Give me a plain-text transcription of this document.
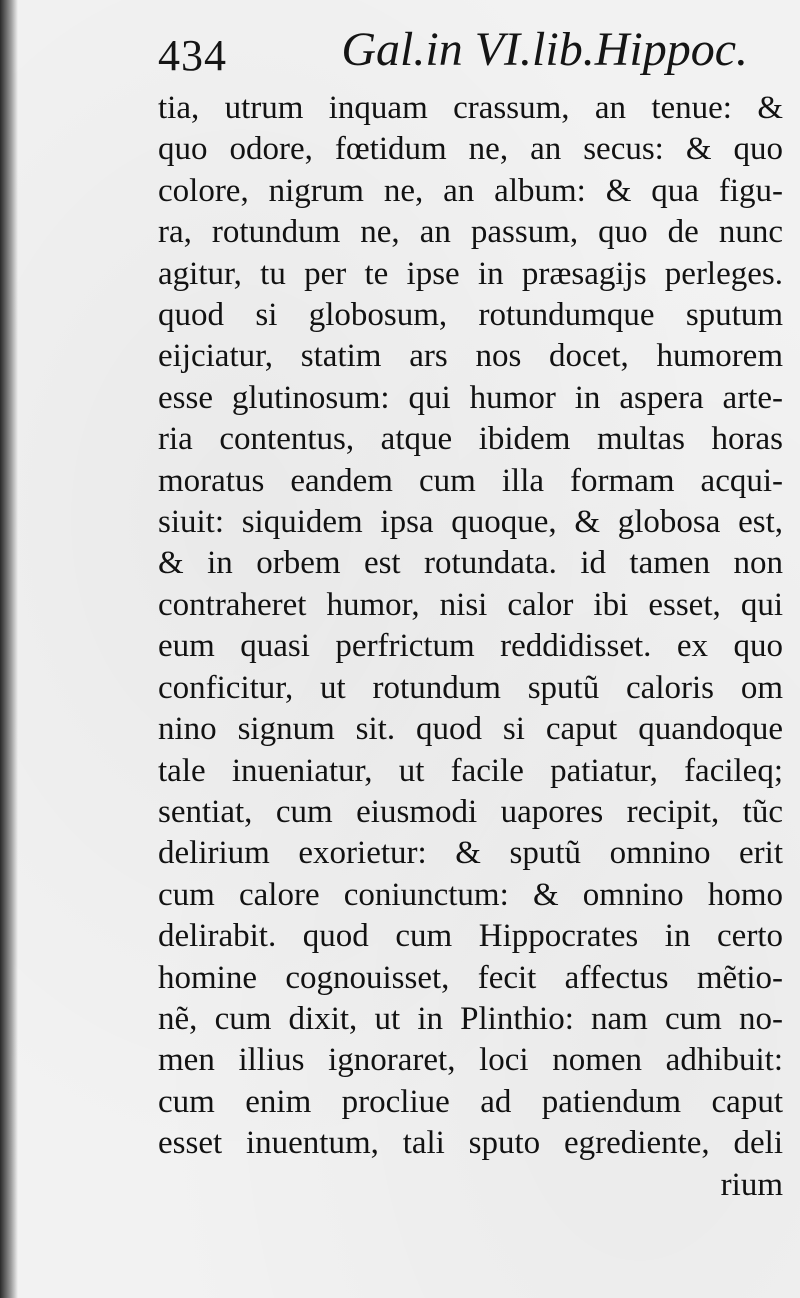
434 Gal.in VI.lib.Hippoc.
tia, utrum inquam crassum, an tenue: &
quo odore, fœtidum ne, an secus: & quo
colore, nigrum ne, an album: & qua figu-
ra, rotundum ne, an passum, quo de nunc
agitur, tu per te ipse in præsagijs perleges.
quod si globosum, rotundumque sputum
eijciatur, statim ars nos docet, humorem
esse glutinosum: qui humor in aspera arte-
ria contentus, atque ibidem multas horas
moratus eandem cum illa formam acqui-
siuit: siquidem ipsa quoque, & globosa est,
& in orbem est rotundata. id tamen non
contraheret humor, nisi calor ibi esset, qui
eum quasi perfrictum reddidisset. ex quo
conficitur, ut rotundum sputũ caloris om
nino signum sit. quod si caput quandoque
tale inueniatur, ut facile patiatur, facileq;
sentiat, cum eiusmodi uapores recipit, tũc
delirium exorietur: & sputũ omnino erit
cum calore coniunctum: & omnino homo
delirabit. quod cum Hippocrates in certo
homine cognouisset, fecit affectus mẽtio-
nẽ, cum dixit, ut in Plinthio: nam cum no-
men illius ignoraret, loci nomen adhibuit:
cum enim procliue ad patiendum caput
esset inuentum, tali sputo egrediente, deli
rium
